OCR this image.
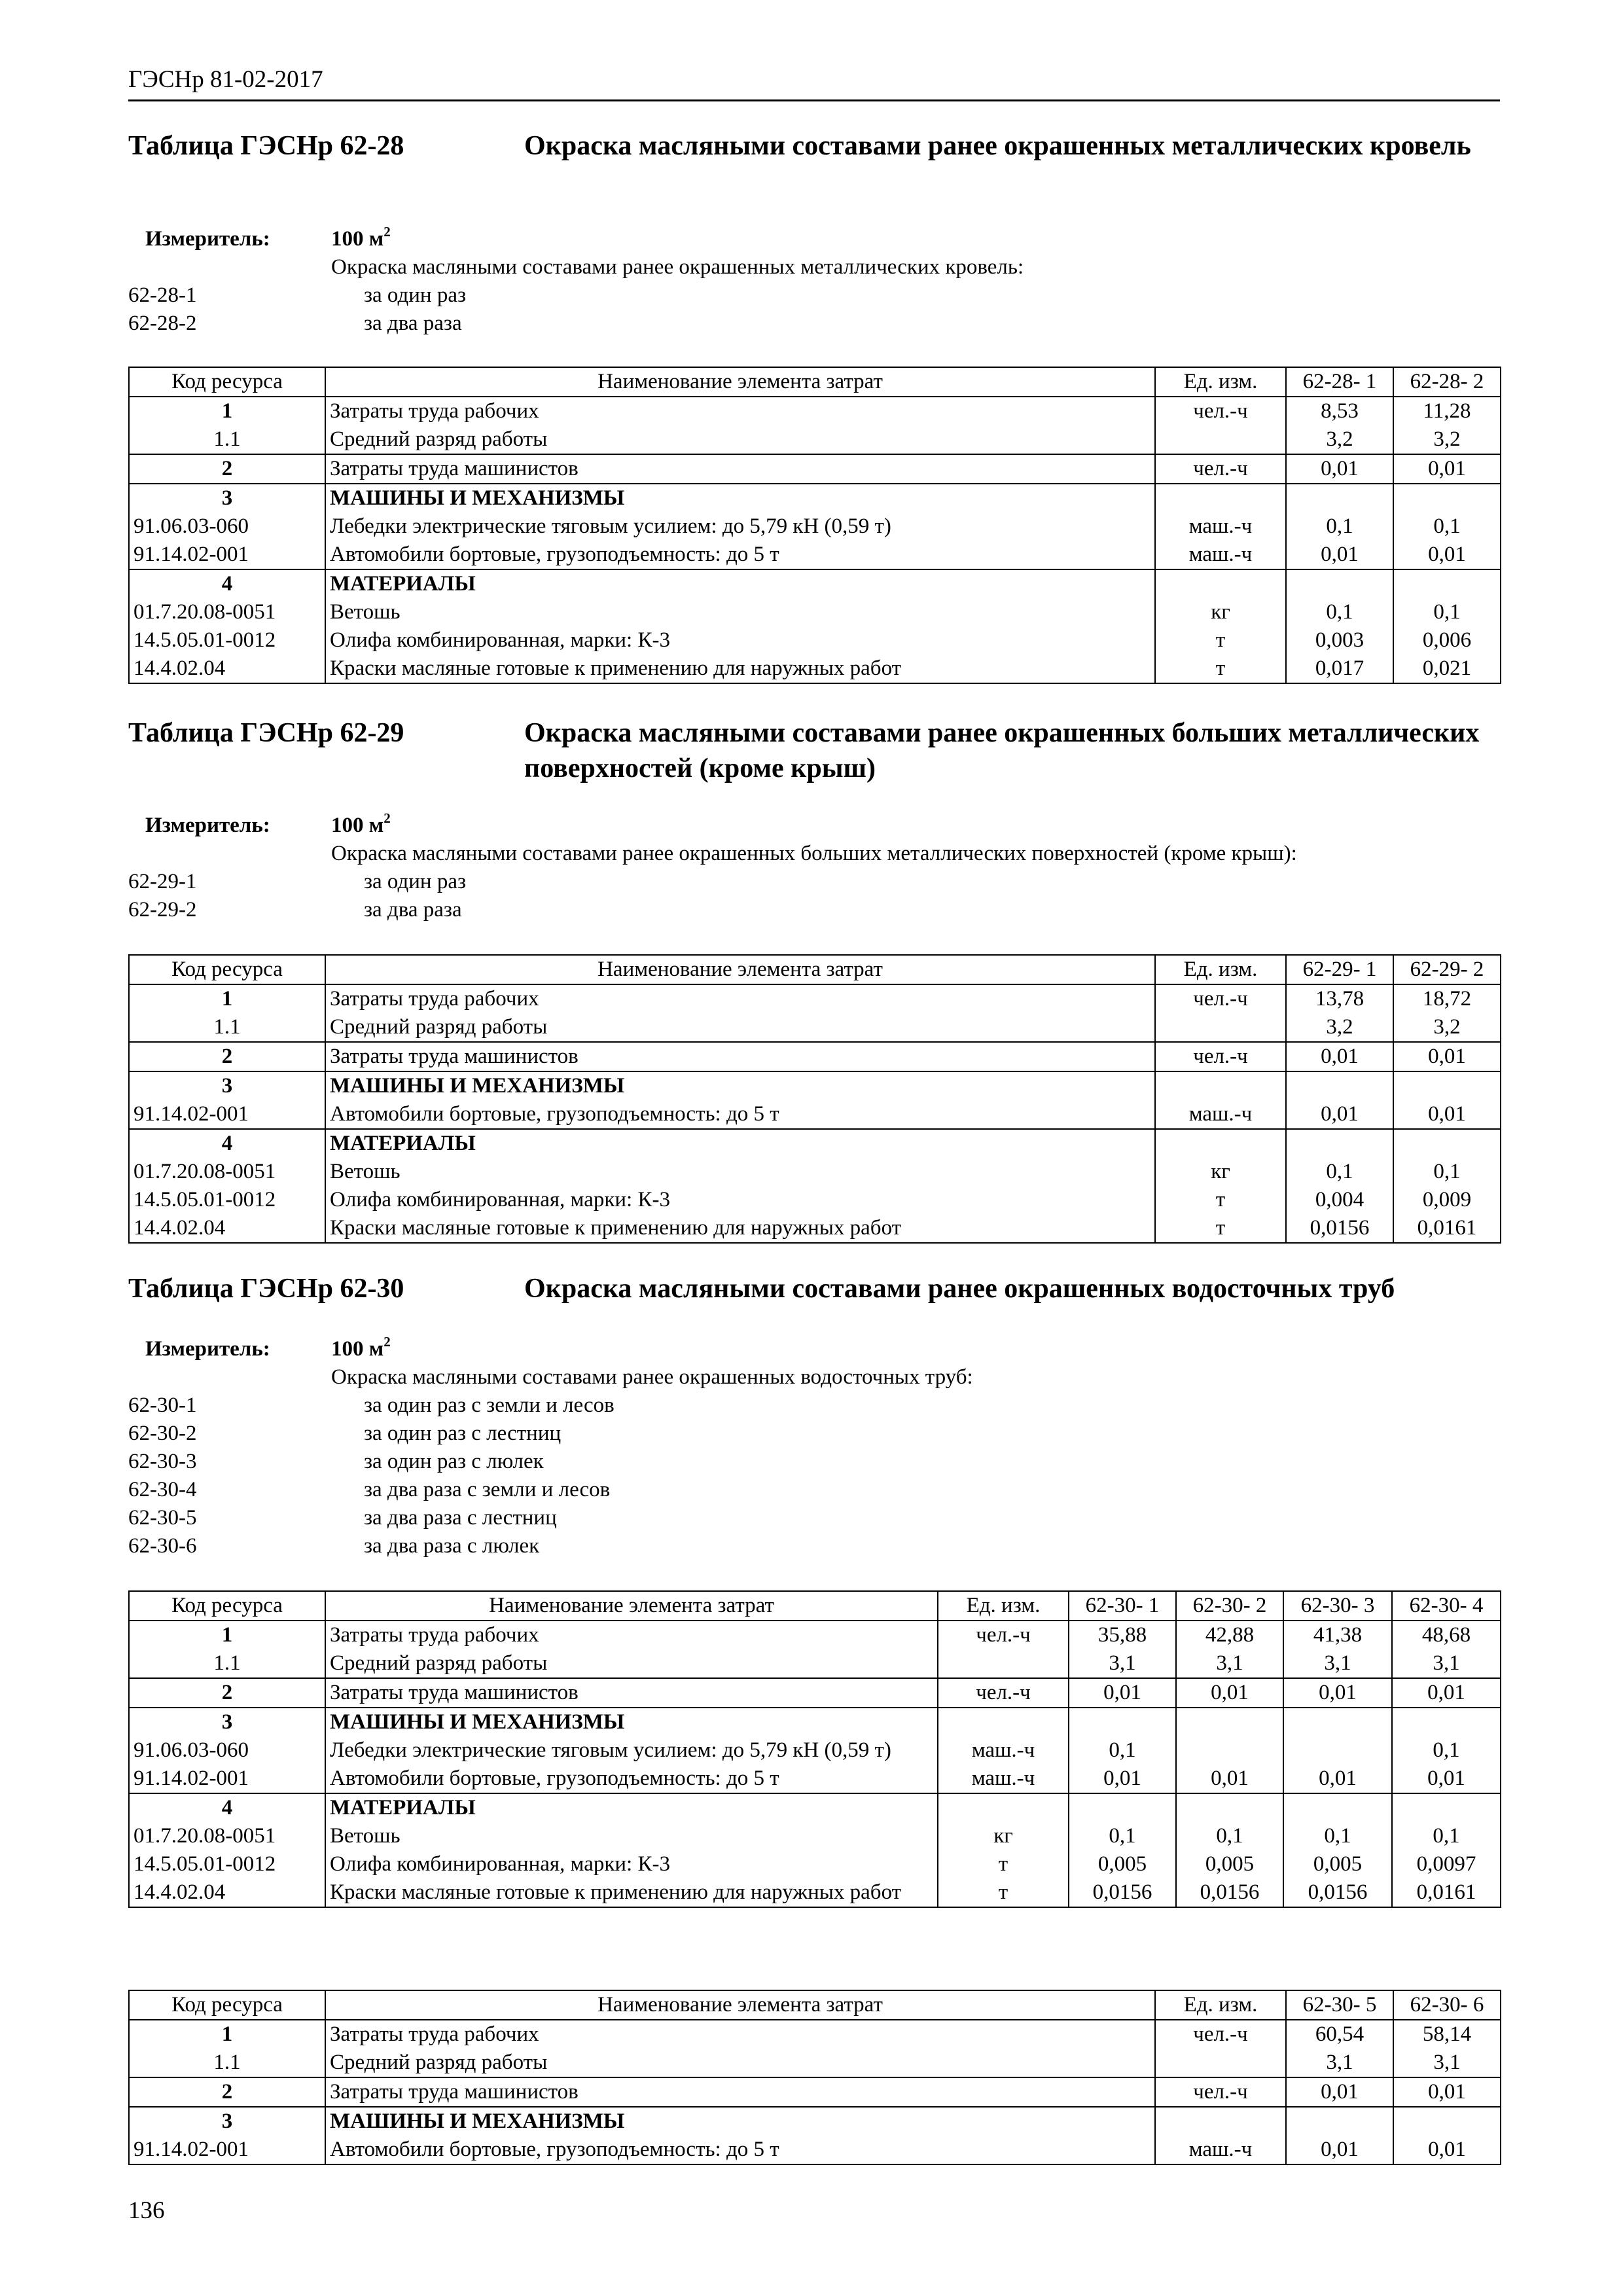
ГЭСНр 81-02-2017
Таблица ГЭСНр 62-28	Окраска масляными составами ранее окрашенных металлических кровель
Измеритель:	100 $м^2$
Окраска масляными составами ранее окрашенных металлических кровель:
62-28-1	за один раз
62-28-2	за два раза
Код ресурса	Наименование элемента затрат	Ед. изм.	62-28- 1	62-28- 2
1	Затраты труда рабочих	чел.-ч	8,53	11,28
1.1	Средний разряд работы		3,2	3,2
2	Затраты труда машинистов	чел.-ч	0,01	0,01
3	МАШИНЫ И МЕХАНИЗМЫ			
91.06.03-060	Лебедки электрические тяговым усилием: до 5,79 кН (0,59 т)	маш.-ч	0,1	0,1
91.14.02-001	Автомобили бортовые, грузоподъемность: до 5 т	маш.-ч	0,01	0,01
4	МАТЕРИАЛЫ			
01.7.20.08-0051	Ветошь	кг	0,1	0,1
14.5.05.01-0012	Олифа комбинированная, марки: К-3	т	0,003	0,006
14.4.02.04	Краски масляные готовые к применению для наружных работ	т	0,017	0,021
Таблица ГЭСНр 62-29	Окраска масляными составами ранее окрашенных больших металлических поверхностей (кроме крыш)
Измеритель:	100 $м^2$
Окраска масляными составами ранее окрашенных больших металлических поверхностей (кроме крыш):
62-29-1	за один раз
62-29-2	за два раза
Код ресурса	Наименование элемента затрат	Ед. изм.	62-29- 1	62-29- 2
1	Затраты труда рабочих	чел.-ч	13,78	18,72
1.1	Средний разряд работы		3,2	3,2
2	Затраты труда машинистов	чел.-ч	0,01	0,01
3	МАШИНЫ И МЕХАНИЗМЫ			
91.14.02-001	Автомобили бортовые, грузоподъемность: до 5 т	маш.-ч	0,01	0,01
4	МАТЕРИАЛЫ			
01.7.20.08-0051	Ветошь	кг	0,1	0,1
14.5.05.01-0012	Олифа комбинированная, марки: К-3	т	0,004	0,009
14.4.02.04	Краски масляные готовые к применению для наружных работ	т	0,0156	0,0161
Таблица ГЭСНр 62-30	Окраска масляными составами ранее окрашенных водосточных труб
Измеритель:	100 $м^2$
Окраска масляными составами ранее окрашенных водосточных труб:
62-30-1	за один раз с земли и лесов
62-30-2	за один раз с лестниц
62-30-3	за один раз с люлек
62-30-4	за два раза с земли и лесов
62-30-5	за два раза с лестниц
62-30-6	за два раза с люлек
Код ресурса	Наименование элемента затрат	Ед. изм.	62-30- 1	62-30- 2	62-30- 3	62-30- 4
1	Затраты труда рабочих	чел.-ч	35,88	42,88	41,38	48,68
1.1	Средний разряд работы		3,1	3,1	3,1	3,1
2	Затраты труда машинистов	чел.-ч	0,01	0,01	0,01	0,01
3	МАШИНЫ И МЕХАНИЗМЫ					
91.06.03-060	Лебедки электрические тяговым усилием: до 5,79 кН (0,59 т)	маш.-ч	0,1			0,1
91.14.02-001	Автомобили бортовые, грузоподъемность: до 5 т	маш.-ч	0,01	0,01	0,01	0,01
4	МАТЕРИАЛЫ					
01.7.20.08-0051	Ветошь	кг	0,1	0,1	0,1	0,1
14.5.05.01-0012	Олифа комбинированная, марки: К-3	т	0,005	0,005	0,005	0,0097
14.4.02.04	Краски масляные готовые к применению для наружных работ	т	0,0156	0,0156	0,0156	0,0161
Код ресурса	Наименование элемента затрат	Ед. изм.	62-30- 5	62-30- 6
1	Затраты труда рабочих	чел.-ч	60,54	58,14
1.1	Средний разряд работы		3,1	3,1
2	Затраты труда машинистов	чел.-ч	0,01	0,01
3	МАШИНЫ И МЕХАНИЗМЫ			
91.14.02-001	Автомобили бортовые, грузоподъемность: до 5 т	маш.-ч	0,01	0,01
136
